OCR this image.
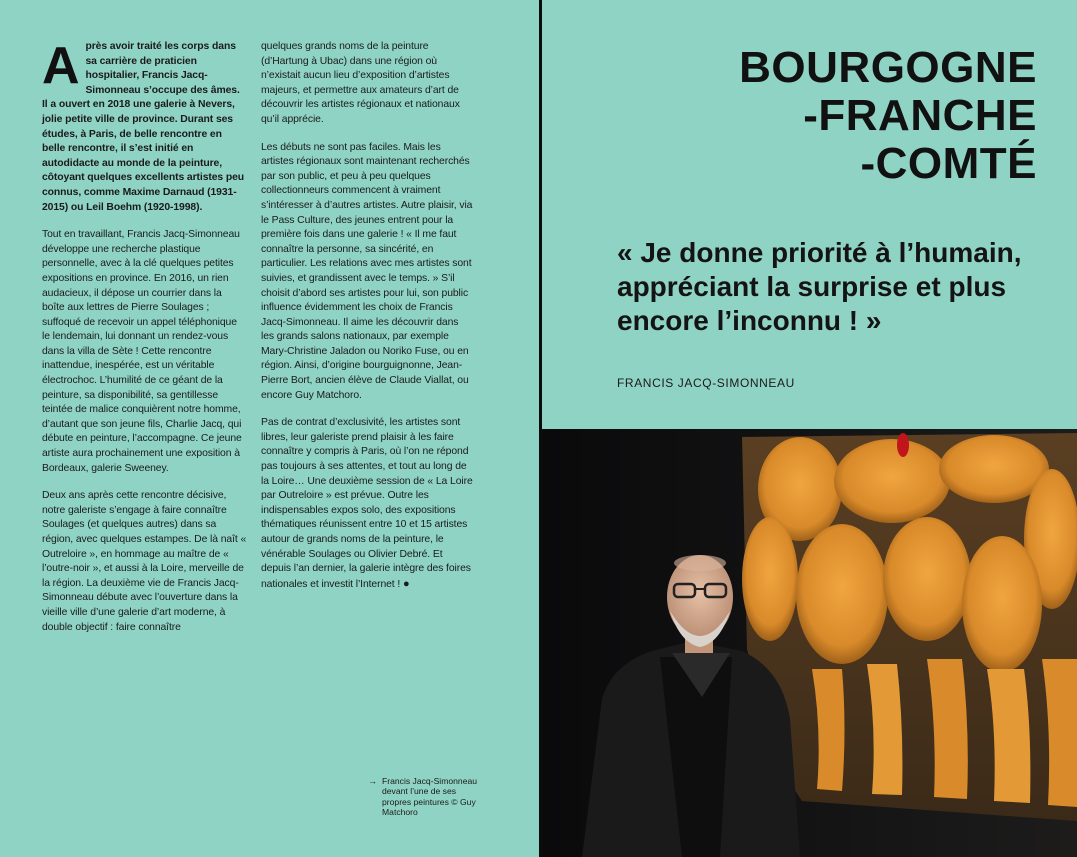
Après avoir traité les corps dans sa carrière de praticien hospitalier, Francis Jacq-Simonneau s’occupe des âmes. Il a ouvert en 2018 une galerie à Nevers, jolie petite ville de province. Durant ses études, à Paris, de belle rencontre en belle rencontre, il s’est initié en autodidacte au monde de la peinture, côtoyant quelques excellents artistes peu connus, comme Maxime Darnaud (1931-2015) ou Leil Boehm (1920-1998).

Tout en travaillant, Francis Jacq-Simonneau développe une recherche plastique personnelle, avec à la clé quelques petites expositions en province. En 2016, un rien audacieux, il dépose un courrier dans la boîte aux lettres de Pierre Soulages ; suffoqué de recevoir un appel téléphonique le lendemain, lui donnant un rendez-vous dans la villa de Sète ! Cette rencontre inattendue, inespérée, est un véritable électrochoc. L’humilité de ce géant de la peinture, sa disponibilité, sa gentillesse teintée de malice conquièrent notre homme, d’autant que son jeune fils, Charlie Jacq, qui débute en peinture, l’accompagne. Ce jeune artiste aura prochainement une exposition à Bordeaux, galerie Sweeney.

Deux ans après cette rencontre décisive, notre galeriste s’engage à faire connaître Soulages (et quelques autres) dans sa région, avec quelques estampes. De là naît « Outreloire », en hommage au maître de « l’outre-noir », et aussi à la Loire, merveille de la région. La deuxième vie de Francis Jacq-Simonneau débute avec l’ouverture dans la vieille ville d’une galerie d’art moderne, à double objectif : faire connaître

quelques grands noms de la peinture (d’Hartung à Ubac) dans une région où n’existait aucun lieu d’exposition d’artistes majeurs, et permettre aux amateurs d’art de découvrir les artistes régionaux et nationaux qu’il apprécie.

Les débuts ne sont pas faciles. Mais les artistes régionaux sont maintenant recherchés par son public, et peu à peu quelques collectionneurs commencent à vraiment s’intéresser à d’autres artistes. Autre plaisir, via le Pass Culture, des jeunes entrent pour la première fois dans une galerie ! « Il me faut connaître la personne, sa sincérité, en particulier. Les relations avec mes artistes sont suivies, et grandissent avec le temps. » S’il choisit d’abord ses artistes pour lui, son public influence évidemment les choix de Francis Jacq-Simonneau. Il aime les découvrir dans les grands salons nationaux, par exemple Mary-Christine Jaladon ou Noriko Fuse, ou en région. Ainsi, d’origine bourguignonne, Jean-Pierre Bort, ancien élève de Claude Viallat, ou encore Guy Matchoro.

Pas de contrat d’exclusivité, les artistes sont libres, leur galeriste prend plaisir à les faire connaître y compris à Paris, où l’on ne répond pas toujours à ses attentes, et tout au long de la Loire… Une deuxième session de « La Loire par Outreloire » est prévue. Outre les indispensables expos solo, des expositions thématiques réunissent entre 10 et 15 artistes autour de grands noms de la peinture, le vénérable Soulages ou Olivier Debré. Et depuis l’an dernier, la galerie intègre des foires nationales et investit l’Internet ! ●

→ Francis Jacq-Simonneau devant l’une de ses propres peintures © Guy Matchoro
BOURGOGNE
-FRANCHE
-COMTÉ
« Je donne priorité à l’humain, appréciant la surprise et plus encore l’inconnu ! »
FRANCIS JACQ-SIMONNEAU
